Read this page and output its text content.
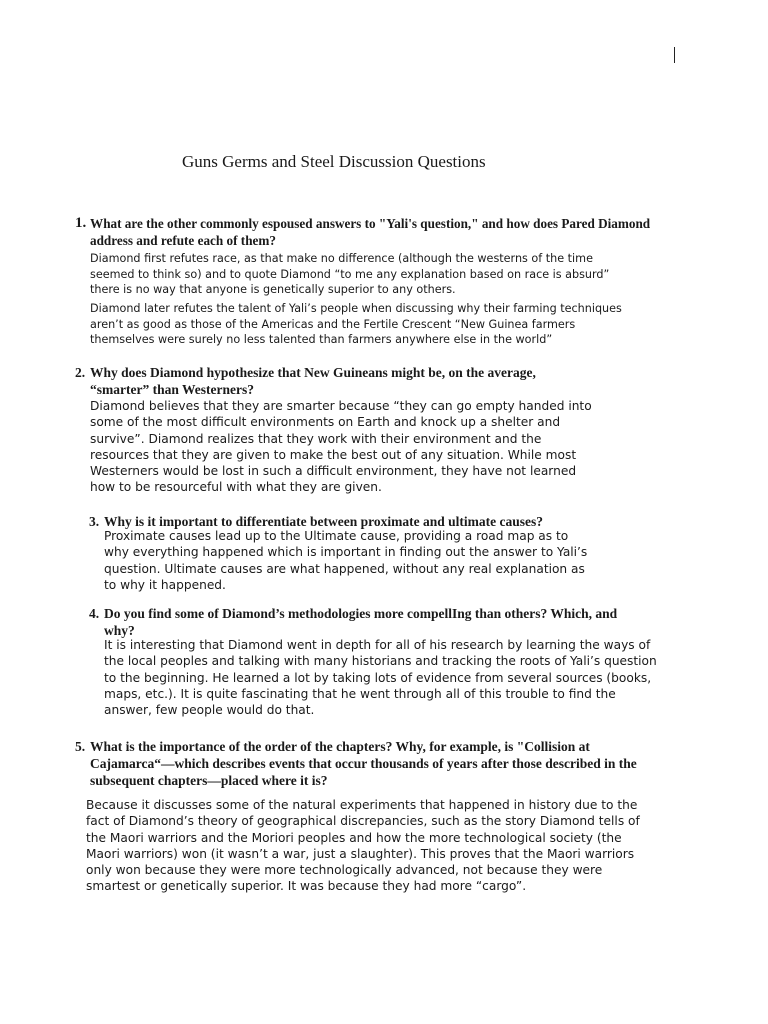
Guns Germs and Steel Discussion Questions
1. What are the other commonly espoused answers to "Yali's question," and how does Pared Diamond
address and refute each of them?
Diamond first refutes race, as that make no difference (although the westerns of the time
seemed to think so) and to quote Diamond “to me any explanation based on race is absurd”
there is no way that anyone is genetically superior to any others.
Diamond later refutes the talent of Yali’s people when discussing why their farming techniques
aren’t as good as those of the Americas and the Fertile Crescent “New Guinea farmers
themselves were surely no less talented than farmers anywhere else in the world”
2. Why does Diamond hypothesize that New Guineans might be, on the average,
“smarter” than Westerners?
Diamond believes that they are smarter because “they can go empty handed into
some of the most difficult environments on Earth and knock up a shelter and
survive”. Diamond realizes that they work with their environment and the
resources that they are given to make the best out of any situation. While most
Westerners would be lost in such a difficult environment, they have not learned
how to be resourceful with what they are given.
3. Why is it important to differentiate between proximate and ultimate causes?
Proximate causes lead up to the Ultimate cause, providing a road map as to
why everything happened which is important in finding out the answer to Yali’s
question. Ultimate causes are what happened, without any real explanation as
to why it happened.
4. Do you find some of Diamond’s methodologies more compellIng than others? Which, and
why?
It is interesting that Diamond went in depth for all of his research by learning the ways of
the local peoples and talking with many historians and tracking the roots of Yali’s question
to the beginning. He learned a lot by taking lots of evidence from several sources (books,
maps, etc.). It is quite fascinating that he went through all of this trouble to find the
answer, few people would do that.
5. What is the importance of the order of the chapters? Why, for example, is "Collision at
Cajamarca“—which describes events that occur thousands of years after those described in the
subsequent chapters—placed where it is?
Because it discusses some of the natural experiments that happened in history due to the
fact of Diamond’s theory of geographical discrepancies, such as the story Diamond tells of
the Maori warriors and the Moriori peoples and how the more technological society (the
Maori warriors) won (it wasn’t a war, just a slaughter). This proves that the Maori warriors
only won because they were more technologically advanced, not because they were
smartest or genetically superior. It was because they had more “cargo”.
